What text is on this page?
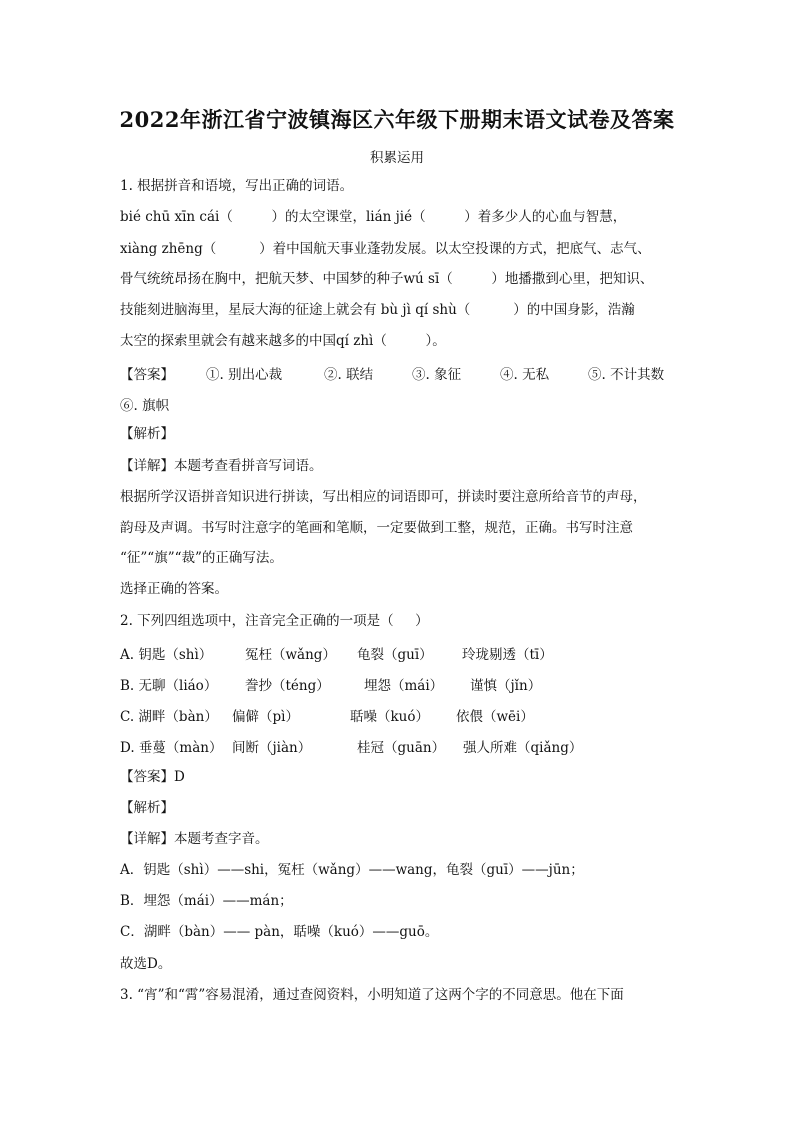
2022年浙江省宁波镇海区六年级下册期末语文试卷及答案
积累运用
1. 根据拼音和语境，写出正确的词语。
bié chū xīn cái（         ）的太空课堂，lián jié（         ）着多少人的心血与智慧，
xiàng zhēng（          ）着中国航天事业蓬勃发展。以太空投课的方式，把底气、志气、
骨气统统昂扬在胸中，把航天梦、中国梦的种子wú sī（         ）地播撒到心里，把知识、
技能刻进脑海里，星辰大海的征途上就会有 bù jì qí shù（          ）的中国身影，浩瀚
太空的探索里就会有越来越多的中国qí zhì（         ）。
【答案】 ①. 别出心裁	②. 联结	③. 象征	④. 无私	⑤. 不计其数
⑥. 旗帜
【解析】
【详解】本题考查看拼音写词语。
根据所学汉语拼音知识进行拼读，写出相应的词语即可，拼读时要注意所给音节的声母，
韵母及声调。书写时注意字的笔画和笔顺，一定要做到工整，规范，正确。书写时注意
“征”“旗”“裁”的正确写法。
选择正确的答案。
2. 下列四组选项中，注音完全正确的一项是（     ）
A. 钥匙（shì） 冤枉（wǎng） 龟裂（guī） 玲珑剔透（tī）
B. 无聊（liáo） 誊抄（téng）	埋怨（mái） 谨慎（jǐn）
C. 湖畔（bàn） 偏僻（pì）	聒噪（kuó） 依偎（wēi）
D. 垂蔓（màn） 间断（jiàn）	桂冠（guān） 强人所难（qiǎng）
【答案】D
【解析】
【详解】本题考查字音。
A．钥匙（shì）——shi，冤枉（wǎng）——wang，龟裂（guī）——jūn；
B．埋怨（mái）——mán；
C．湖畔（bàn）—— pàn，聒噪（kuó）——guō。
故选D。
3. “宵”和“霄”容易混淆，通过查阅资料，小明知道了这两个字的不同意思。他在下面
